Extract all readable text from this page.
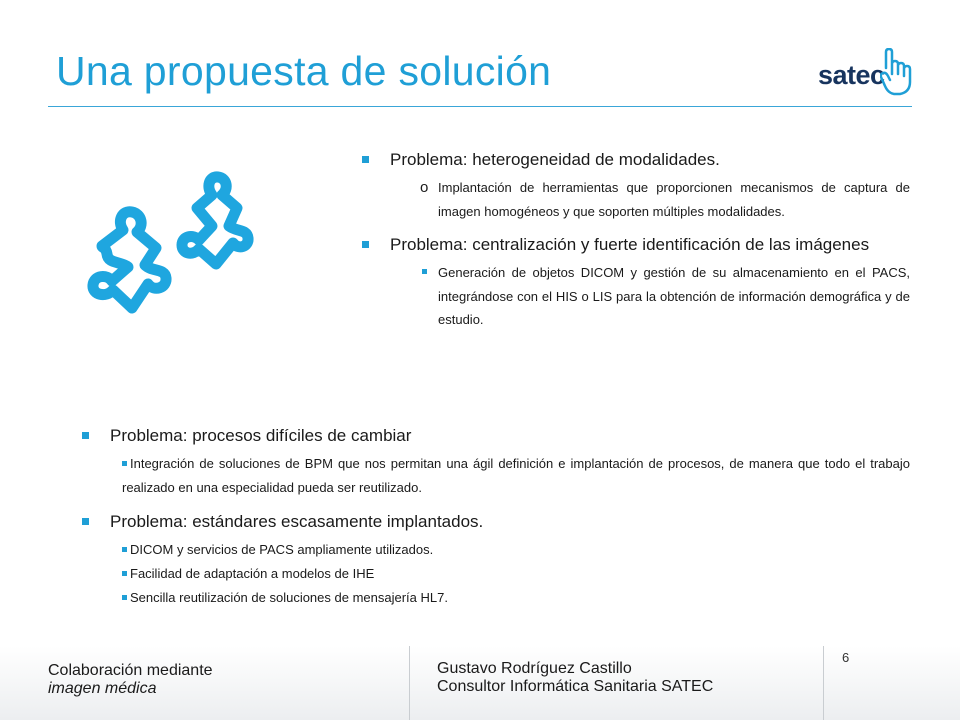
Una propuesta de solución	satec
Problema: heterogeneidad de modalidades.
o Implantación de herramientas que proporcionen mecanismos de captura de imagen homogéneos y que soporten múltiples modalidades.
Problema: centralización y fuerte identificación de las imágenes
Generación de objetos DICOM y gestión de su almacenamiento en el PACS, integrándose con el HIS o LIS para la obtención de información demográfica y de estudio.
Problema: procesos difíciles de cambiar
Integración de soluciones de BPM que nos permitan una ágil definición e implantación de procesos, de manera que todo el trabajo realizado en una especialidad pueda ser reutilizado.
Problema: estándares escasamente implantados.
DICOM y servicios de PACS ampliamente utilizados.
Facilidad de adaptación a modelos de IHE
Sencilla reutilización de soluciones de mensajería HL7.
Colaboración mediante
imagen médica
Gustavo Rodríguez Castillo
Consultor Informática Sanitaria SATEC
6
